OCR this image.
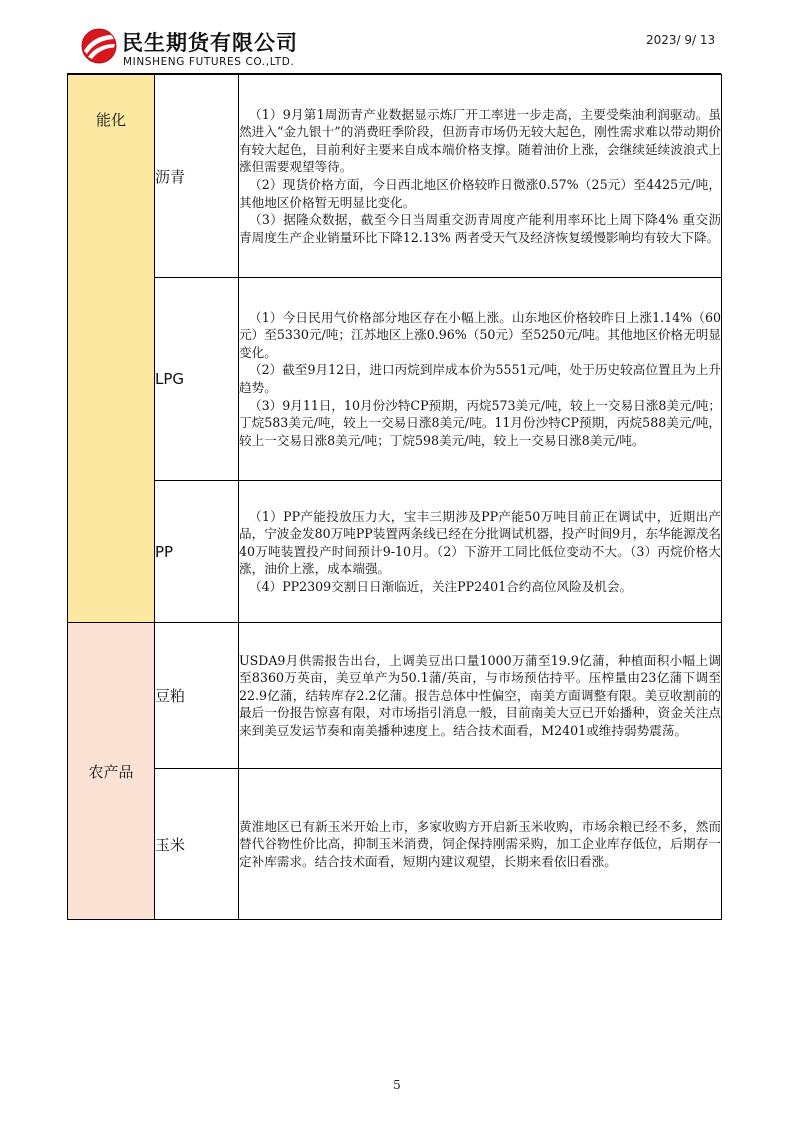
民生期货有限公司
MINSHENG FUTURES CO.,LTD.
2023/ 9/ 13
能化	沥青	（1）9月第1周沥青产业数据显示炼厂开工率进一步走高，主要受柴油利润驱动。虽然进入“金九银十”的消费旺季阶段，但沥青市场仍无较大起色，刚性需求难以带动期价有较大起色，目前利好主要来自成本端价格支撑。随着油价上涨，会继续延续波浪式上涨但需要观望等待。

（2）现货价格方面，今日西北地区价格较昨日微涨0.57%（25元）至4425元/吨，其他地区价格暂无明显比变化。

（3）据隆众数据，截至今日当周重交沥青周度产能利用率环比上周下降4% 重交沥青周度生产企业销量环比下降12.13% 两者受天气及经济恢复缓慢影响均有较大下降。

	LPG	（1）今日民用气价格部分地区存在小幅上涨。山东地区价格较昨日上涨1.14%（60元）至5330元/吨；江苏地区上涨0.96%（50元）至5250元/吨。其他地区价格无明显变化。

（2）截至9月12日，进口丙烷到岸成本价为5551元/吨，处于历史较高位置且为上升趋势。

（3）9月11日，10月份沙特CP预期，丙烷573美元/吨，较上一交易日涨8美元/吨；丁烷583美元/吨，较上一交易日涨8美元/吨。11月份沙特CP预期，丙烷588美元/吨，较上一交易日涨8美元/吨；丁烷598美元/吨，较上一交易日涨8美元/吨。

	PP	（1）PP产能投放压力大，宝丰三期涉及PP产能50万吨目前正在调试中，近期出产品，宁波金发80万吨PP装置两条线已经在分批调试机器，投产时间9月，东华能源茂名40万吨装置投产时间预计9-10月。（2）下游开工同比低位变动不大。（3）丙烷价格大涨，油价上涨，成本端强。

（4）PP2309交割日日渐临近，关注PP2401合约高位风险及机会。

农产品	豆粕	USDA9月供需报告出台，上调美豆出口量1000万蒲至19.9亿蒲，种植面积小幅上调至8360万英亩，美豆单产为50.1蒲/英亩，与市场预估持平。压榨量由23亿蒲下调至22.9亿蒲，结转库存2.2亿蒲。报告总体中性偏空，南美方面调整有限。美豆收割前的最后一份报告惊喜有限，对市场指引消息一般，目前南美大豆已开始播种，资金关注点来到美豆发运节奏和南美播种速度上。结合技术面看，M2401或维持弱势震荡。

	玉米	黄淮地区已有新玉米开始上市，多家收购方开启新玉米收购，市场余粮已经不多，然而替代谷物性价比高，抑制玉米消费，饲企保持刚需采购，加工企业库存低位，后期存一定补库需求。结合技术面看，短期内建议观望，长期来看依旧看涨。

5
